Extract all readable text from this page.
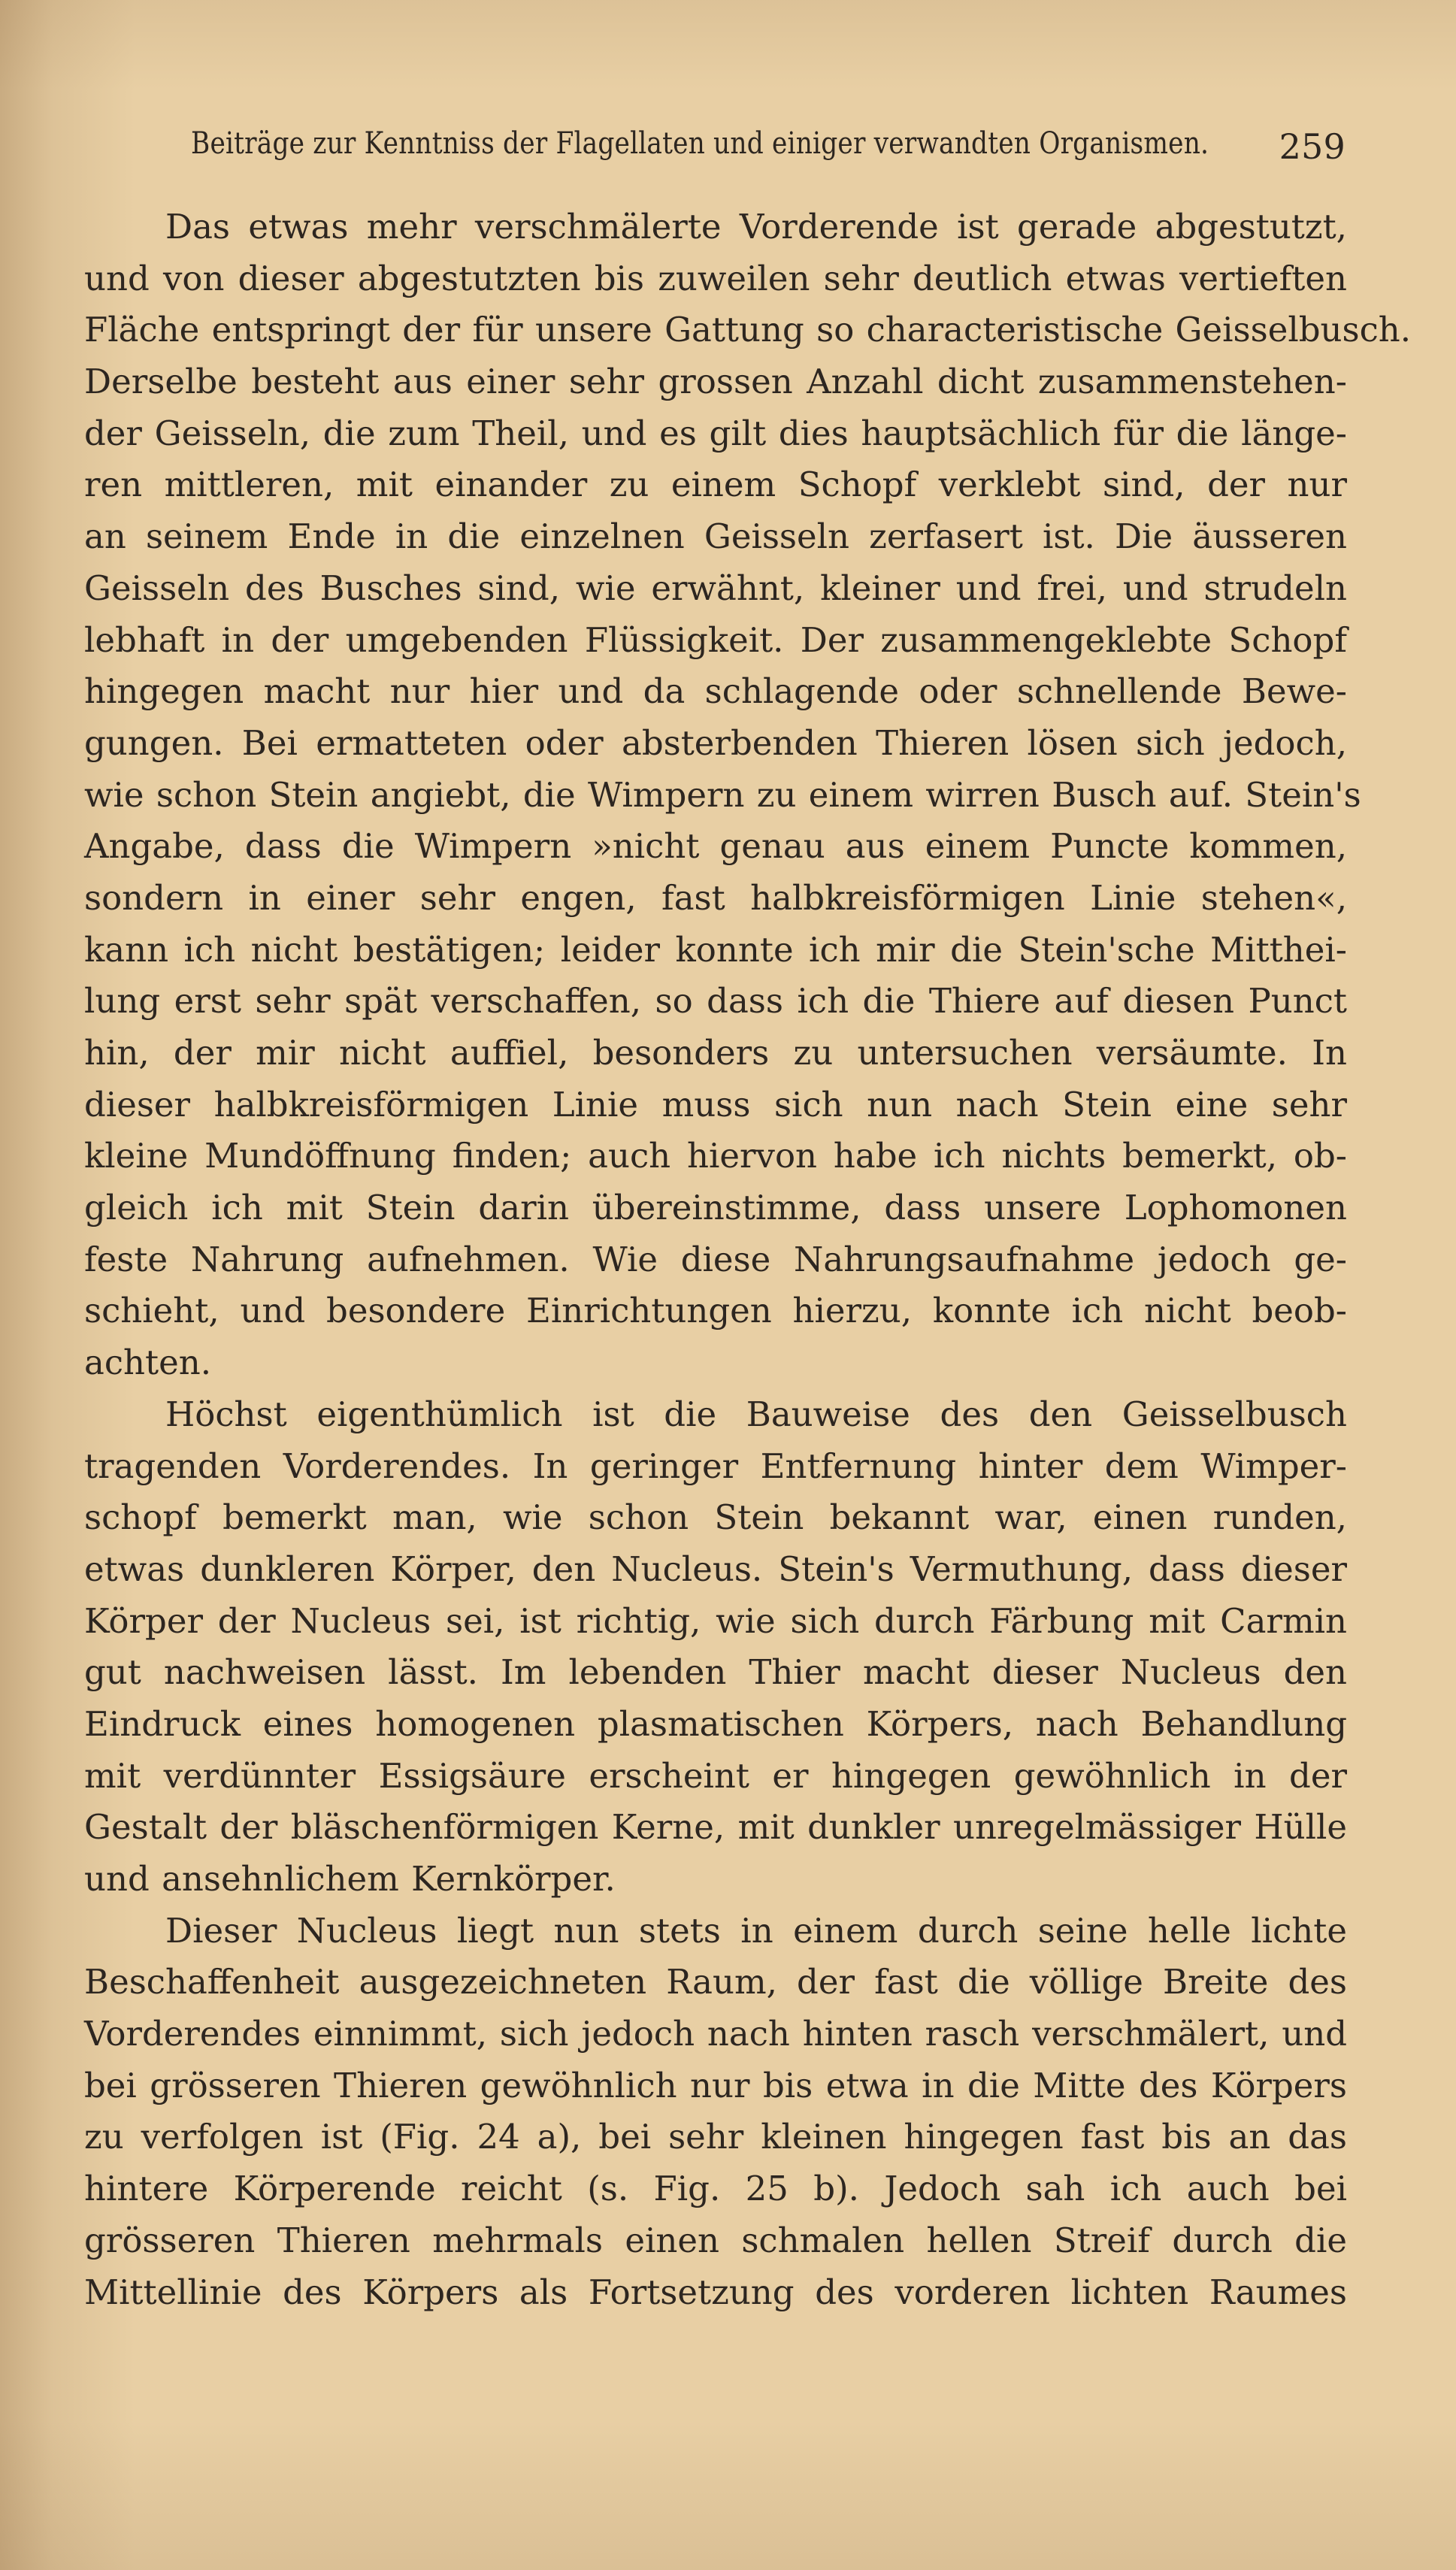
Beiträge zur Kenntniss der Flagellaten und einiger verwandten Organismen. 259
Das etwas mehr verschmälerte Vorderende ist gerade abgestutzt,
und von dieser abgestutzten bis zuweilen sehr deutlich etwas vertieften
Fläche entspringt der für unsere Gattung so characteristische Geisselbusch.
Derselbe besteht aus einer sehr grossen Anzahl dicht zusammenstehen-
der Geisseln, die zum Theil, und es gilt dies hauptsächlich für die länge-
ren mittleren, mit einander zu einem Schopf verklebt sind, der nur
an seinem Ende in die einzelnen Geisseln zerfasert ist. Die äusseren
Geisseln des Busches sind, wie erwähnt, kleiner und frei, und strudeln
lebhaft in der umgebenden Flüssigkeit. Der zusammengeklebte Schopf
hingegen macht nur hier und da schlagende oder schnellende Bewe-
gungen. Bei ermatteten oder absterbenden Thieren lösen sich jedoch,
wie schon Stein angiebt, die Wimpern zu einem wirren Busch auf. Stein's
Angabe, dass die Wimpern »nicht genau aus einem Puncte kommen,
sondern in einer sehr engen, fast halbkreisförmigen Linie stehen«,
kann ich nicht bestätigen; leider konnte ich mir die Stein'sche Mitthei-
lung erst sehr spät verschaffen, so dass ich die Thiere auf diesen Punct
hin, der mir nicht auffiel, besonders zu untersuchen versäumte. In
dieser halbkreisförmigen Linie muss sich nun nach Stein eine sehr
kleine Mundöffnung finden; auch hiervon habe ich nichts bemerkt, ob-
gleich ich mit Stein darin übereinstimme, dass unsere Lophomonen
feste Nahrung aufnehmen. Wie diese Nahrungsaufnahme jedoch ge-
schieht, und besondere Einrichtungen hierzu, konnte ich nicht beob-
achten.
Höchst eigenthümlich ist die Bauweise des den Geisselbusch
tragenden Vorderendes. In geringer Entfernung hinter dem Wimper-
schopf bemerkt man, wie schon Stein bekannt war, einen runden,
etwas dunkleren Körper, den Nucleus. Stein's Vermuthung, dass dieser
Körper der Nucleus sei, ist richtig, wie sich durch Färbung mit Carmin
gut nachweisen lässt. Im lebenden Thier macht dieser Nucleus den
Eindruck eines homogenen plasmatischen Körpers, nach Behandlung
mit verdünnter Essigsäure erscheint er hingegen gewöhnlich in der
Gestalt der bläschenförmigen Kerne, mit dunkler unregelmässiger Hülle
und ansehnlichem Kernkörper.
Dieser Nucleus liegt nun stets in einem durch seine helle lichte
Beschaffenheit ausgezeichneten Raum, der fast die völlige Breite des
Vorderendes einnimmt, sich jedoch nach hinten rasch verschmälert, und
bei grösseren Thieren gewöhnlich nur bis etwa in die Mitte des Körpers
zu verfolgen ist (Fig. 24 a), bei sehr kleinen hingegen fast bis an das
hintere Körperende reicht (s. Fig. 25 b). Jedoch sah ich auch bei
grösseren Thieren mehrmals einen schmalen hellen Streif durch die
Mittellinie des Körpers als Fortsetzung des vorderen lichten Raumes
